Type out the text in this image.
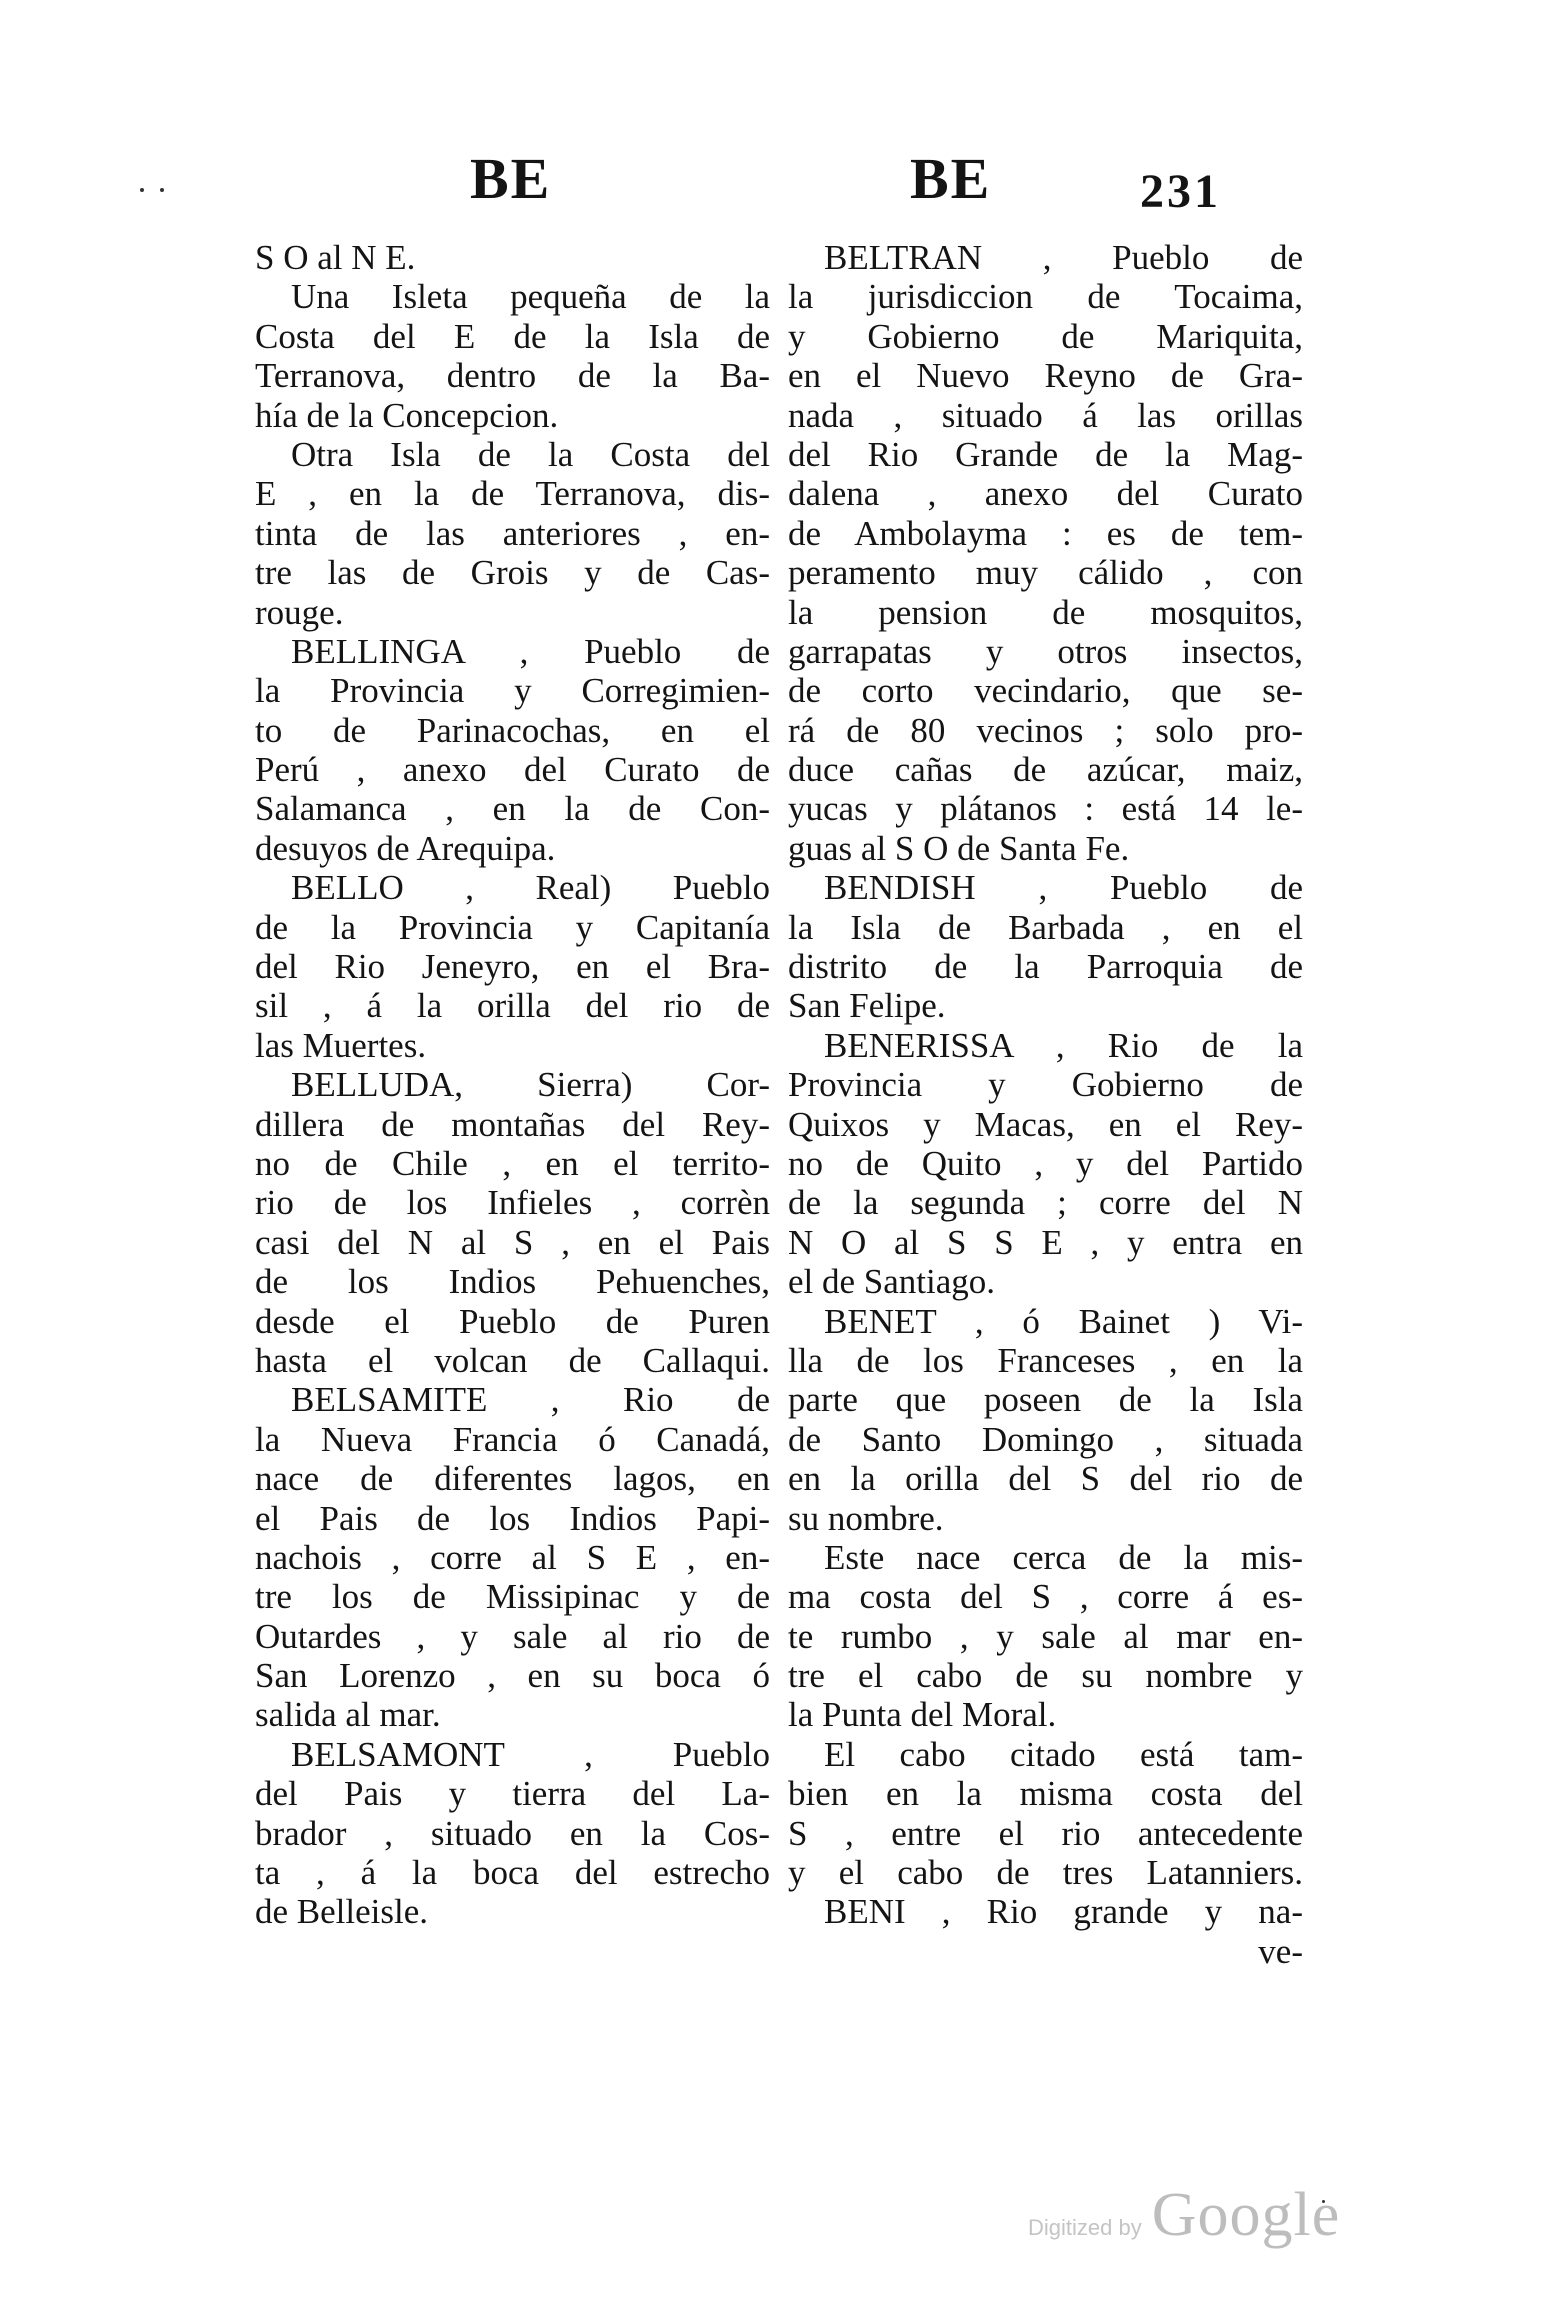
BE	BE	231
S O al N E.
Una Isleta pequeña de la
Costa del E de la Isla de
Terranova, dentro de la Ba-
hía de la Concepcion.
Otra Isla de la Costa del
E , en la de Terranova, dis-
tinta de las anteriores , en-
tre las de Grois y de Cas-
rouge.
BELLINGA , Pueblo de
la Provincia y Corregimien-
to de Parinacochas, en el
Perú , anexo del Curato de
Salamanca , en la de Con-
desuyos de Arequipa.
BELLO , Real) Pueblo
de la Provincia y Capitanía
del Rio Jeneyro, en el Bra-
sil , á la orilla del rio de
las Muertes.
BELLUDA, Sierra) Cor-
dillera de montañas del Rey-
no de Chile , en el territo-
rio de los Infieles , corrèn
casi del N al S , en el Pais
de los Indios Pehuenches,
desde el Pueblo de Puren
hasta el volcan de Callaqui.
BELSAMITE , Rio de
la Nueva Francia ó Canadá,
nace de diferentes lagos, en
el Pais de los Indios Papi-
nachois , corre al S E , en-
tre los de Missipinac y de
Outardes , y sale al rio de
San Lorenzo , en su boca ó
salida al mar.
BELSAMONT , Pueblo
del Pais y tierra del La-
brador , situado en la Cos-
ta , á la boca del estrecho
de Belleisle.
BELTRAN , Pueblo de
la jurisdiccion de Tocaima,
y Gobierno de Mariquita,
en el Nuevo Reyno de Gra-
nada , situado á las orillas
del Rio Grande de la Mag-
dalena , anexo del Curato
de Ambolayma : es de tem-
peramento muy cálido , con
la pension de mosquitos,
garrapatas y otros insectos,
de corto vecindario, que se-
rá de 80 vecinos ; solo pro-
duce cañas de azúcar, maiz,
yucas y plátanos : está 14 le-
guas al S O de Santa Fe.
BENDISH , Pueblo de
la Isla de Barbada , en el
distrito de la Parroquia de
San Felipe.
BENERISSA , Rio de la
Provincia y Gobierno de
Quixos y Macas, en el Rey-
no de Quito , y del Partido
de la segunda ; corre del N
N O al S S E , y entra en
el de Santiago.
BENET , ó Bainet ) Vi-
lla de los Franceses , en la
parte que poseen de la Isla
de Santo Domingo , situada
en la orilla del S del rio de
su nombre.
Este nace cerca de la mis-
ma costa del S , corre á es-
te rumbo , y sale al mar en-
tre el cabo de su nombre y
la Punta del Moral.
El cabo citado está tam-
bien en la misma costa del
S , entre el rio antecedente
y el cabo de tres Latanniers.
BENI , Rio grande y na-
ve-
Digitized by Google
